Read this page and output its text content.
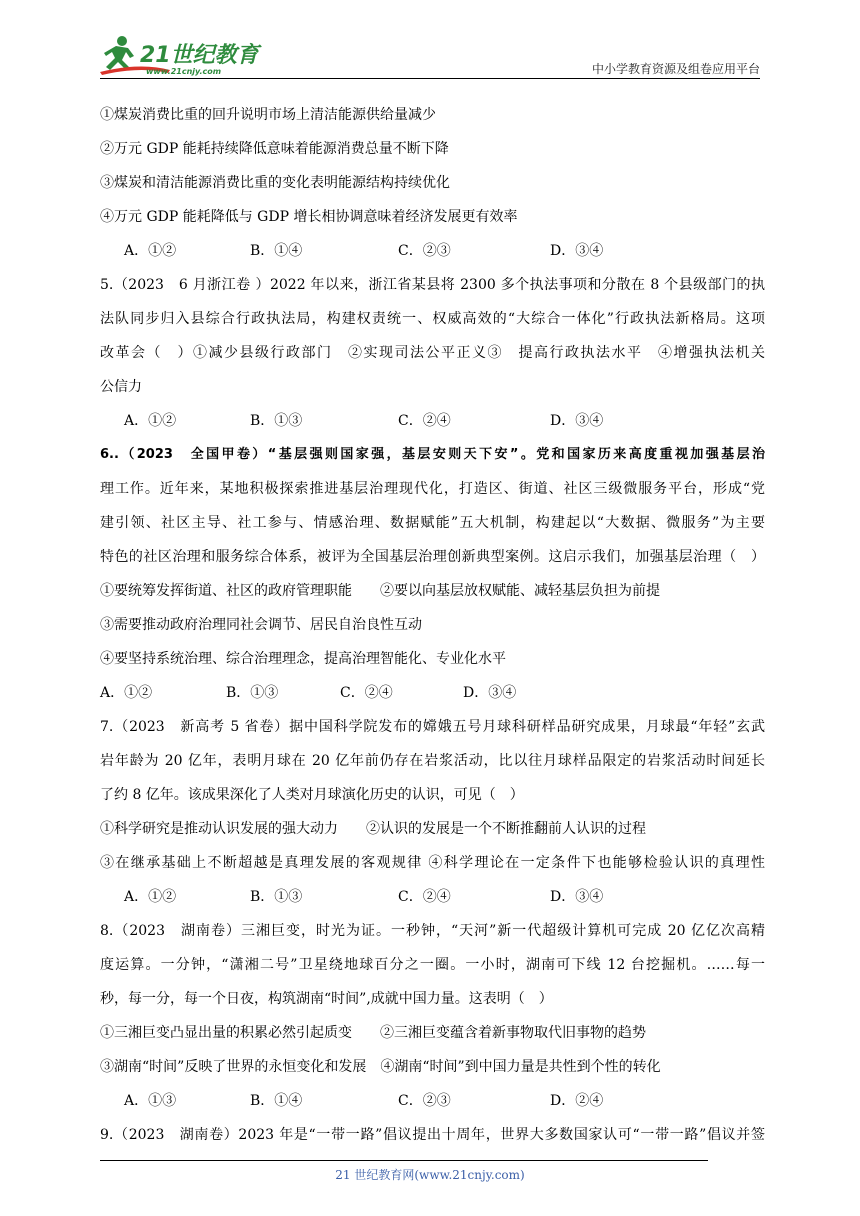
21世纪教育
www.21cnjy.com	中小学教育资源及组卷应用平台
①煤炭消费比重的回升说明市场上清洁能源供给量减少
②万元 GDP 能耗持续降低意味着能源消费总量不断下降
③煤炭和清洁能源消费比重的变化表明能源结构持续优化
④万元 GDP 能耗降低与 GDP 增长相协调意味着经济发展更有效率
A．①②	B．①④	C．②③	D．③④
5.（2023　6 月浙江卷 ）2022 年以来，浙江省某县将 2300 多个执法事项和分散在 8 个县级部门的执
法队同步归入县综合行政执法局，构建权责统一、权威高效的“大综合一体化”行政执法新格局。这项
改革会（　）①减少县级行政部门　②实现司法公平正义③　提高行政执法水平　④增强执法机关
公信力
A．①②	B．①③	C．②④	D．③④
6..（2023　全国甲卷）“基层强则国家强，基层安则天下安”。党和国家历来高度重视加强基层治
理工作。近年来，某地积极探索推进基层治理现代化，打造区、街道、社区三级微服务平台，形成“党
建引领、社区主导、社工参与、情感治理、数据赋能”五大机制，构建起以“大数据、微服务”为主要
特色的社区治理和服务综合体系，被评为全国基层治理创新典型案例。这启示我们，加强基层治理（　）
①要统筹发挥街道、社区的政府管理职能　　②要以向基层放权赋能、减轻基层负担为前提
③需要推动政府治理同社会调节、居民自治良性互动
④要坚持系统治理、综合治理理念，提高治理智能化、专业化水平
A．①②	B．①③	C．②④	D．③④
7.（2023　新高考 5 省卷）据中国科学院发布的嫦娥五号月球科研样品研究成果，月球最“年轻”玄武
岩年龄为 20 亿年，表明月球在 20 亿年前仍存在岩浆活动，比以往月球样品限定的岩浆活动时间延长
了约 8 亿年。该成果深化了人类对月球演化历史的认识，可见（　）
①科学研究是推动认识发展的强大动力　　②认识的发展是一个不断推翻前人认识的过程
③在继承基础上不断超越是真理发展的客观规律 ④科学理论在一定条件下也能够检验认识的真理性
A．①②	B．①③	C．②④	D．③④
8.（2023　湖南卷）三湘巨变，时光为证。一秒钟，“天河”新一代超级计算机可完成 20 亿亿次高精
度运算。一分钟，“潇湘二号”卫星绕地球百分之一圈。一小时，湖南可下线 12 台挖掘机。……每一
秒，每一分，每一个日夜，构筑湖南“时间”,成就中国力量。这表明（　）
①三湘巨变凸显出量的积累必然引起质变　　②三湘巨变蕴含着新事物取代旧事物的趋势
③湖南“时间”反映了世界的永恒变化和发展　④湖南“时间”到中国力量是共性到个性的转化
A．①③	B．①④	C．②③	D．②④
9.（2023　湖南卷）2023 年是“一带一路”倡议提出十周年，世界大多数国家认可“一带一路”倡议并签
21 世纪教育网(www.21cnjy.com)
